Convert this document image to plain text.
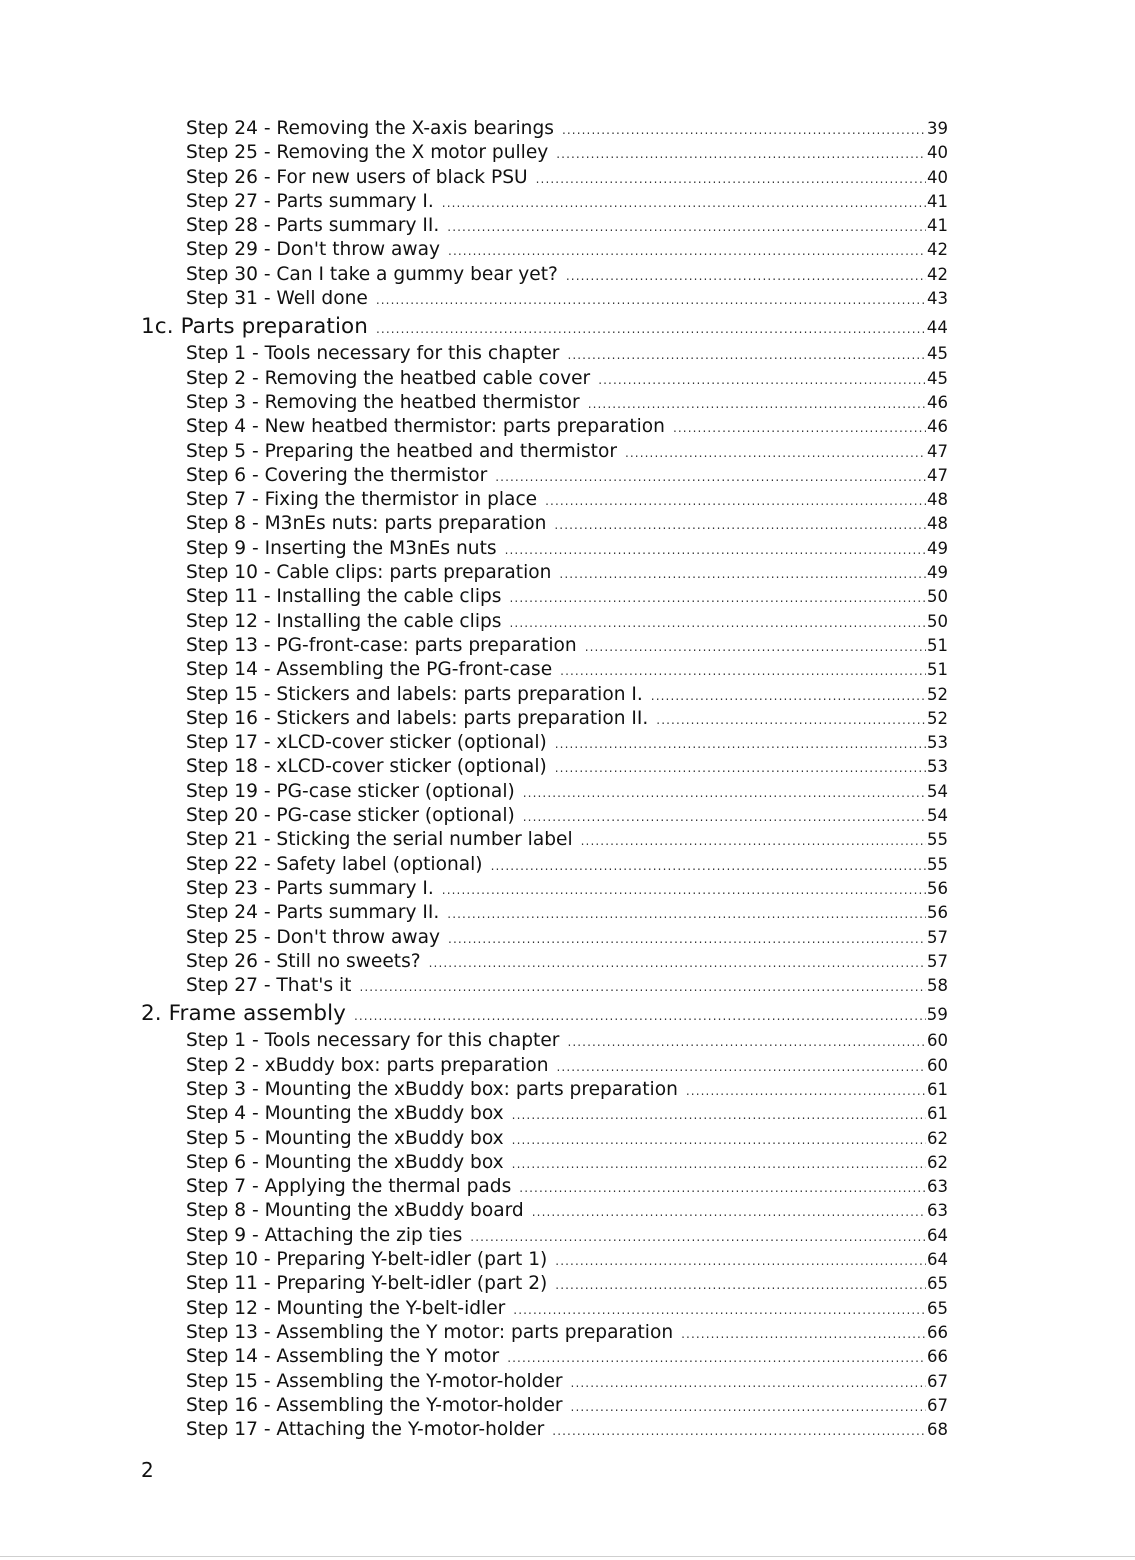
Step 24 - Removing the X-axis bearings .....	39
Step 25 - Removing the X motor pulley .....	40
Step 26 - For new users of black PSU .....	40
Step 27 - Parts summary I. .....	41
Step 28 - Parts summary II. .....	41
Step 29 - Don't throw away .....	42
Step 30 - Can I take a gummy bear yet? .....	42
Step 31 - Well done .....	43
1c. Parts preparation .....	44
Step 1 - Tools necessary for this chapter .....	45
Step 2 - Removing the heatbed cable cover .....	45
Step 3 - Removing the heatbed thermistor .....	46
Step 4 - New heatbed thermistor: parts preparation .....	46
Step 5 - Preparing the heatbed and thermistor .....	47
Step 6 - Covering the thermistor .....	47
Step 7 - Fixing the thermistor in place .....	48
Step 8 - M3nEs nuts: parts preparation .....	48
Step 9 - Inserting the M3nEs nuts .....	49
Step 10 - Cable clips: parts preparation .....	49
Step 11 - Installing the cable clips .....	50
Step 12 - Installing the cable clips .....	50
Step 13 - PG-front-case: parts preparation .....	51
Step 14 - Assembling the PG-front-case .....	51
Step 15 - Stickers and labels: parts preparation I. .....	52
Step 16 - Stickers and labels: parts preparation II. .....	52
Step 17 - xLCD-cover sticker (optional) .....	53
Step 18 - xLCD-cover sticker (optional) .....	53
Step 19 - PG-case sticker (optional) .....	54
Step 20 - PG-case sticker (optional) .....	54
Step 21 - Sticking the serial number label .....	55
Step 22 - Safety label (optional) .....	55
Step 23 - Parts summary I. .....	56
Step 24 - Parts summary II. .....	56
Step 25 - Don't throw away .....	57
Step 26 - Still no sweets? .....	57
Step 27 - That's it .....	58
2. Frame assembly .....	59
Step 1 - Tools necessary for this chapter .....	60
Step 2 - xBuddy box: parts preparation .....	60
Step 3 - Mounting the xBuddy box: parts preparation .....	61
Step 4 - Mounting the xBuddy box .....	61
Step 5 - Mounting the xBuddy box .....	62
Step 6 - Mounting the xBuddy box .....	62
Step 7 - Applying the thermal pads .....	63
Step 8 - Mounting the xBuddy board .....	63
Step 9 - Attaching the zip ties .....	64
Step 10 - Preparing Y-belt-idler (part 1) .....	64
Step 11 - Preparing Y-belt-idler (part 2) .....	65
Step 12 - Mounting the Y-belt-idler .....	65
Step 13 - Assembling the Y motor: parts preparation .....	66
Step 14 - Assembling the Y motor .....	66
Step 15 - Assembling the Y-motor-holder .....	67
Step 16 - Assembling the Y-motor-holder .....	67
Step 17 - Attaching the Y-motor-holder .....	68
2
